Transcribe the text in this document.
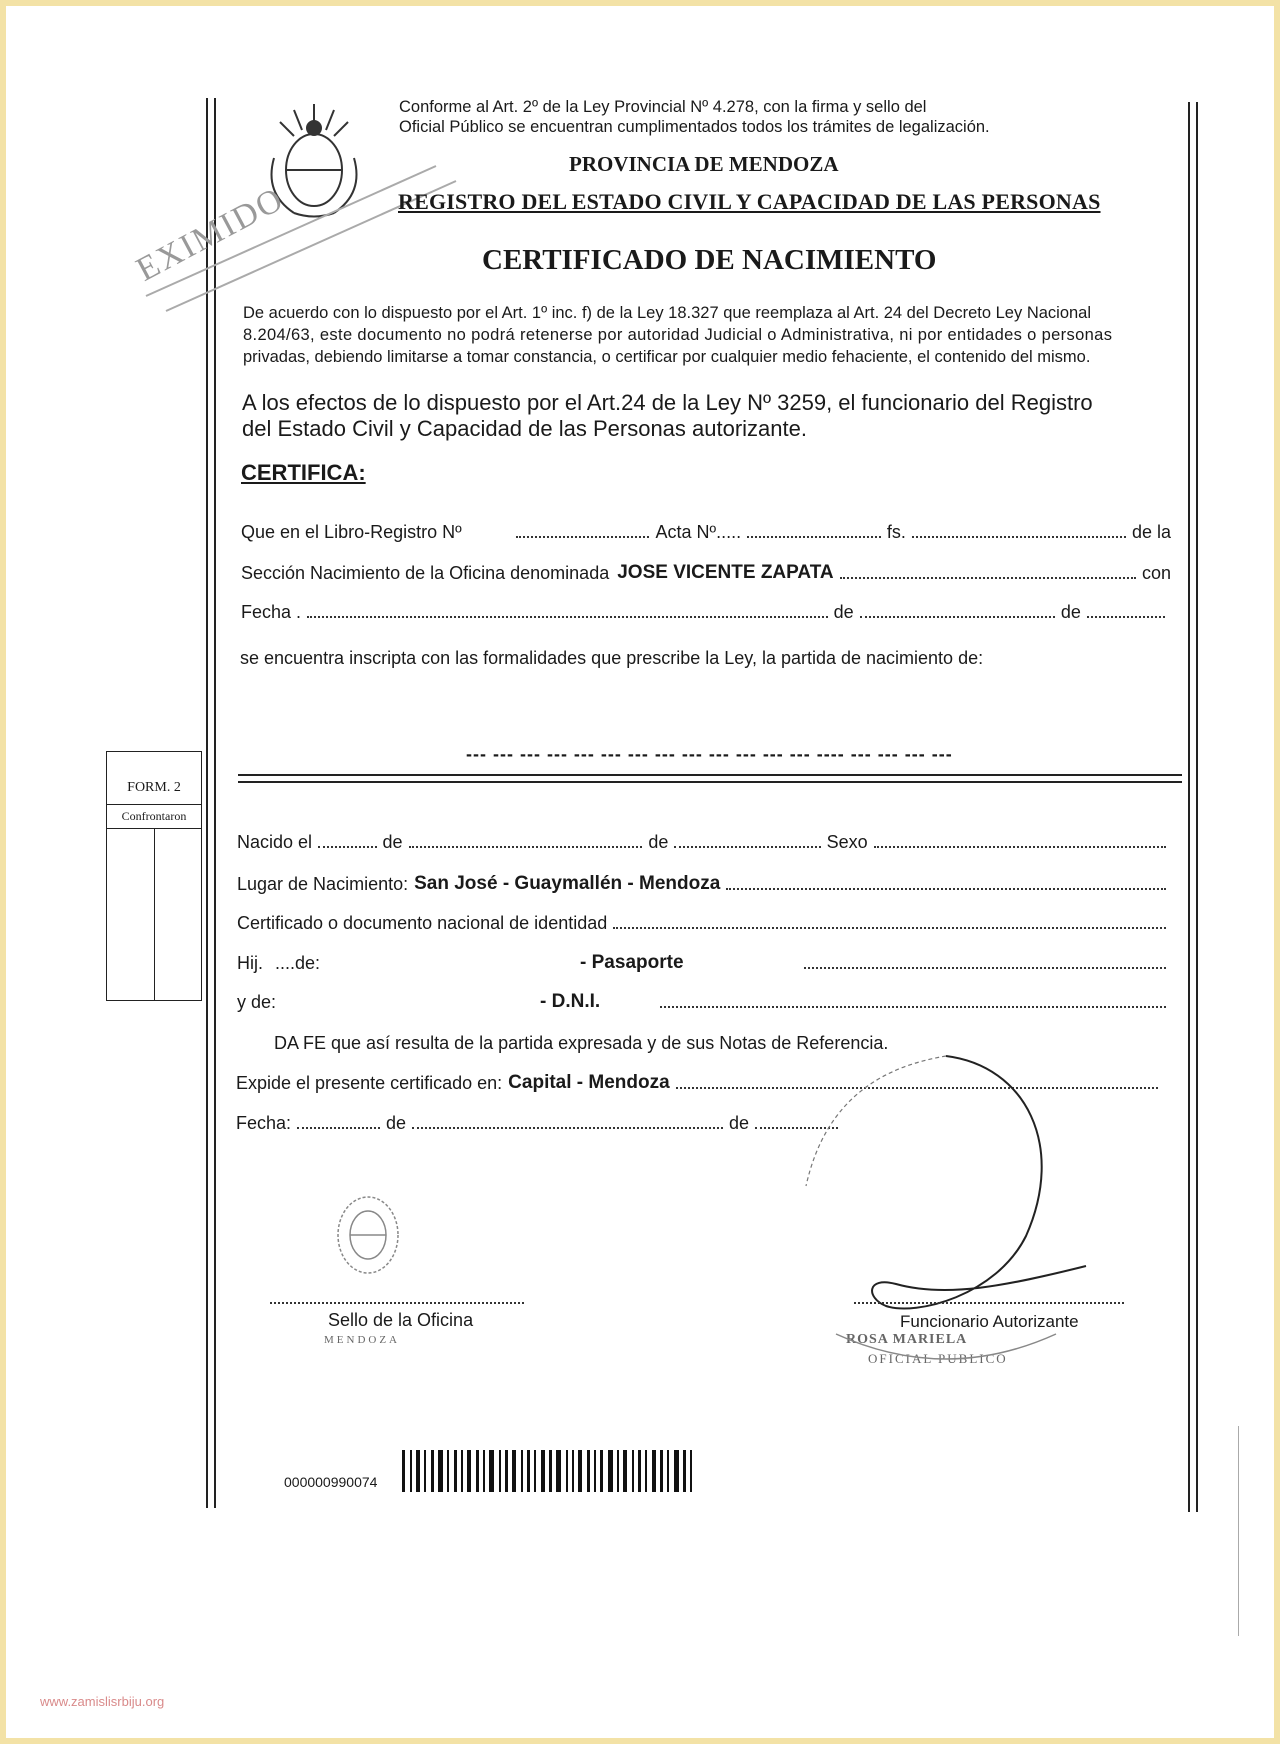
EXIMIDO
Conforme al Art. 2º de la Ley Provincial Nº 4.278, con la firma y sello del
Oficial Público se encuentran cumplimentados todos los trámites de legalización.
PROVINCIA DE MENDOZA
REGISTRO DEL ESTADO CIVIL Y CAPACIDAD DE LAS PERSONAS
CERTIFICADO DE NACIMIENTO
De acuerdo con lo dispuesto por el Art. 1º inc. f) de la Ley 18.327 que reemplaza al Art. 24 del Decreto Ley Nacional
8.204/63, este documento no podrá retenerse por autoridad Judicial o Administrativa, ni por entidades o personas
privadas, debiendo limitarse a tomar constancia, o certificar por cualquier medio fehaciente, el contenido del mismo.
A los efectos de lo dispuesto por el Art.24 de la Ley Nº 3259, el funcionario del Registro
del Estado Civil y Capacidad de las Personas autorizante.
CERTIFICA:
Que en el Libro-Registro Nº	Acta Nº.....	fs.	de la
Sección Nacimiento de la Oficina denominada JOSE VICENTE ZAPATA	con
Fecha .	de	de
se encuentra inscripta con las formalidades que prescribe la Ley, la partida de nacimiento de:
--- --- --- --- --- --- --- --- --- --- --- --- --- ---- --- --- --- ---
FORM. 2
Confrontaron
Nacido el	de	de	Sexo
Lugar de Nacimiento: San José - Guaymallén - Mendoza
Certificado o documento nacional de identidad
Hij. ....de:	- Pasaporte
y de:	- D.N.I.
DA FE que así resulta de la partida expresada y de sus Notas de Referencia.
Expide el presente certificado en: Capital - Mendoza
Fecha:	de	de
Sello de la Oficina
MENDOZA
Funcionario Autorizante
ROSA MARIELA
OFICIAL PUBLICO
000000990074
www.zamislisrbiju.org
